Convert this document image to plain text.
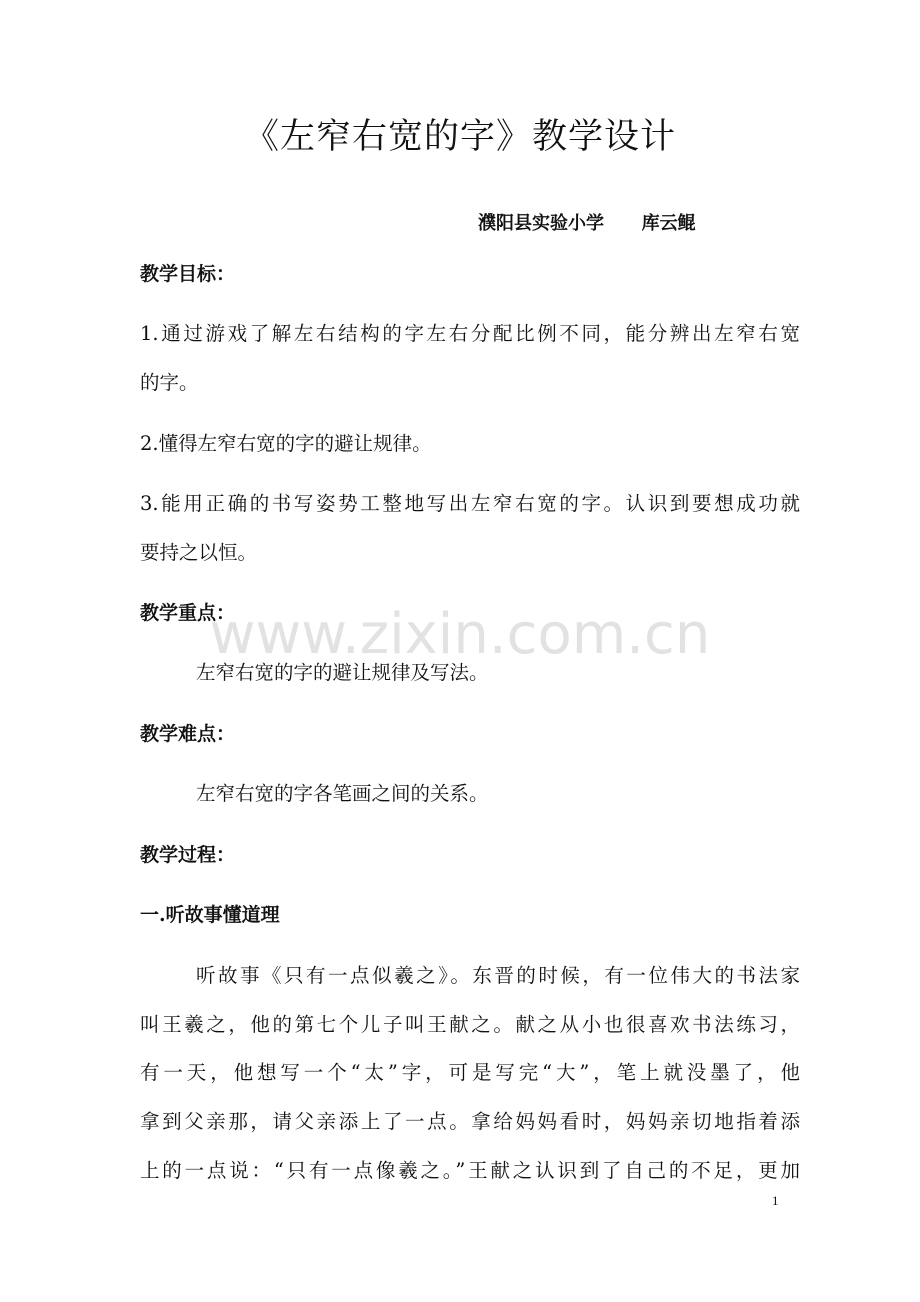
《左窄右宽的字》教学设计
濮阳县实验小学      库云鲲
教学目标：
1.通过游戏了解左右结构的字左右分配比例不同，能分辨出左窄右宽
的字。
2.懂得左窄右宽的字的避让规律。
3.能用正确的书写姿势工整地写出左窄右宽的字。认识到要想成功就
要持之以恒。
教学重点：
左窄右宽的字的避让规律及写法。
教学难点：
左窄右宽的字各笔画之间的关系。
教学过程：
一.听故事懂道理
听故事《只有一点似羲之》。东晋的时候，有一位伟大的书法家
叫王羲之，他的第七个儿子叫王献之。献之从小也很喜欢书法练习，
有一天，他想写一个“太”字，可是写完“大”，笔上就没墨了，他
拿到父亲那，请父亲添上了一点。拿给妈妈看时，妈妈亲切地指着添
上的一点说：“只有一点像羲之。”王献之认识到了自己的不足，更加
www.zixin.com.cn
1
